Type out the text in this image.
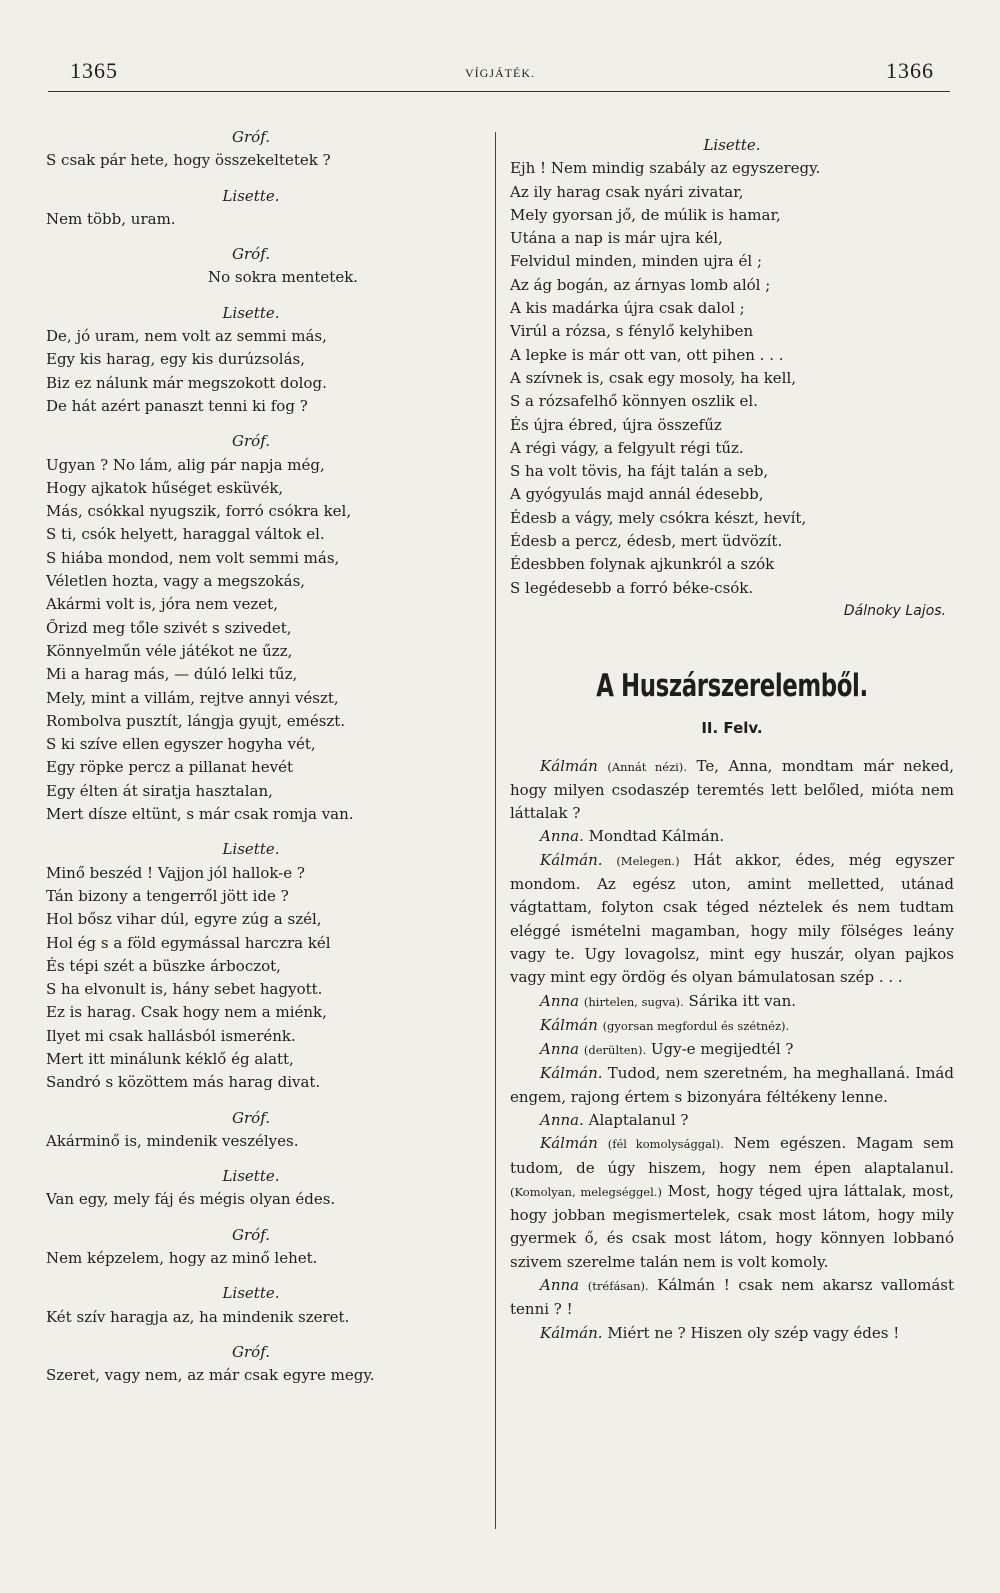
1365	VÍGJÁTÉK.	1366

Gróf.

S csak pár hete, hogy összekeltetek ?

Lisette.

Nem több, uram.

Gróf.

No sokra mentetek.

Lisette.

De, jó uram, nem volt az semmi más,

Egy kis harag, egy kis durúzsolás,

Biz ez nálunk már megszokott dolog.

De hát azért panaszt tenni ki fog ?

Gróf.

Ugyan ? No lám, alig pár napja még,

Hogy ajkatok hűséget esküvék,

Más, csókkal nyugszik, forró csókra kel,

S ti, csók helyett, haraggal váltok el.

S hiába mondod, nem volt semmi más,

Véletlen hozta, vagy a megszokás,

Akármi volt is, jóra nem vezet,

Őrizd meg tőle szivét s szivedet,

Könnyelműn véle játékot ne űzz,

Mi a harag más, — dúló lelki tűz,

Mely, mint a villám, rejtve annyi vészt,

Rombolva pusztít, lángja gyujt, emészt.

S ki szíve ellen egyszer hogyha vét,

Egy röpke percz a pillanat hevét

Egy élten át siratja hasztalan,

Mert dísze eltünt, s már csak romja van.

Lisette.

Minő beszéd ! Vajjon jól hallok-e ?

Tán bizony a tengerről jött ide ?

Hol bősz vihar dúl, egyre zúg a szél,

Hol ég s a föld egymással harczra kél

És tépi szét a büszke árboczot,

S ha elvonult is, hány sebet hagyott.

Ez is harag. Csak hogy nem a miénk,

Ilyet mi csak hallásból ismerénk.

Mert itt minálunk kéklő ég alatt,

Sandró s közöttem más harag divat.

Gróf.

Akárminő is, mindenik veszélyes.

Lisette.

Van egy, mely fáj és mégis olyan édes.

Gróf.

Nem képzelem, hogy az minő lehet.

Lisette.

Két szív haragja az, ha mindenik szeret.

Gróf.

Szeret, vagy nem, az már csak egyre megy.

Lisette.

Ejh ! Nem mindig szabály az egyszeregy.

Az ily harag csak nyári zivatar,

Mely gyorsan jő, de múlik is hamar,

Utána a nap is már ujra kél,

Felvidul minden, minden ujra él ;

Az ág bogán, az árnyas lomb alól ;

A kis madárka újra csak dalol ;

Virúl a rózsa, s fénylő kelyhiben

A lepke is már ott van, ott pihen . . .

A szívnek is, csak egy mosoly, ha kell,

S a rózsafelhő könnyen oszlik el.

És újra ébred, újra összefűz

A régi vágy, a felgyult régi tűz.

S ha volt tövis, ha fájt talán a seb,

A gyógyulás majd annál édesebb,

Édesb a vágy, mely csókra készt, hevít,

Édesb a percz, édesb, mert üdvözít.

Édesbben folynak ajkunkról a szók

S legédesebb a forró béke-csók.

Dálnoky Lajos.

A Huszárszerelemből.
II. Felv.

Kálmán (Annát nézi). Te, Anna, mondtam már neked, hogy milyen csodaszép teremtés lett belőled, mióta nem láttalak ?

Anna. Mondtad Kálmán.

Kálmán. (Melegen.) Hát akkor, édes, még egyszer mondom. Az egész uton, amint melletted, utánad vágtattam, folyton csak téged néztelek és nem tudtam eléggé ismételni magamban, hogy mily fölséges leány vagy te. Ugy lovagolsz, mint egy huszár, olyan pajkos vagy mint egy ördög és olyan bámulatosan szép . . .

Anna (hirtelen, sugva). Sárika itt van.

Kálmán (gyorsan megfordul és szétnéz).

Anna (derülten). Ugy-e megijedtél ?

Kálmán. Tudod, nem szeretném, ha meghallaná. Imád engem, rajong értem s bizonyára féltékeny lenne.

Anna. Alaptalanul ?

Kálmán (fél komolysággal). Nem egészen. Magam sem tudom, de úgy hiszem, hogy nem épen alaptalanul. (Komolyan, melegséggel.) Most, hogy téged ujra láttalak, most, hogy jobban megismertelek, csak most látom, hogy mily gyermek ő, és csak most látom, hogy könnyen lobbanó szivem szerelme talán nem is volt komoly.

Anna (tréfásan). Kálmán ! csak nem akarsz vallomást tenni ? !

Kálmán. Miért ne ? Hiszen oly szép vagy édes !
